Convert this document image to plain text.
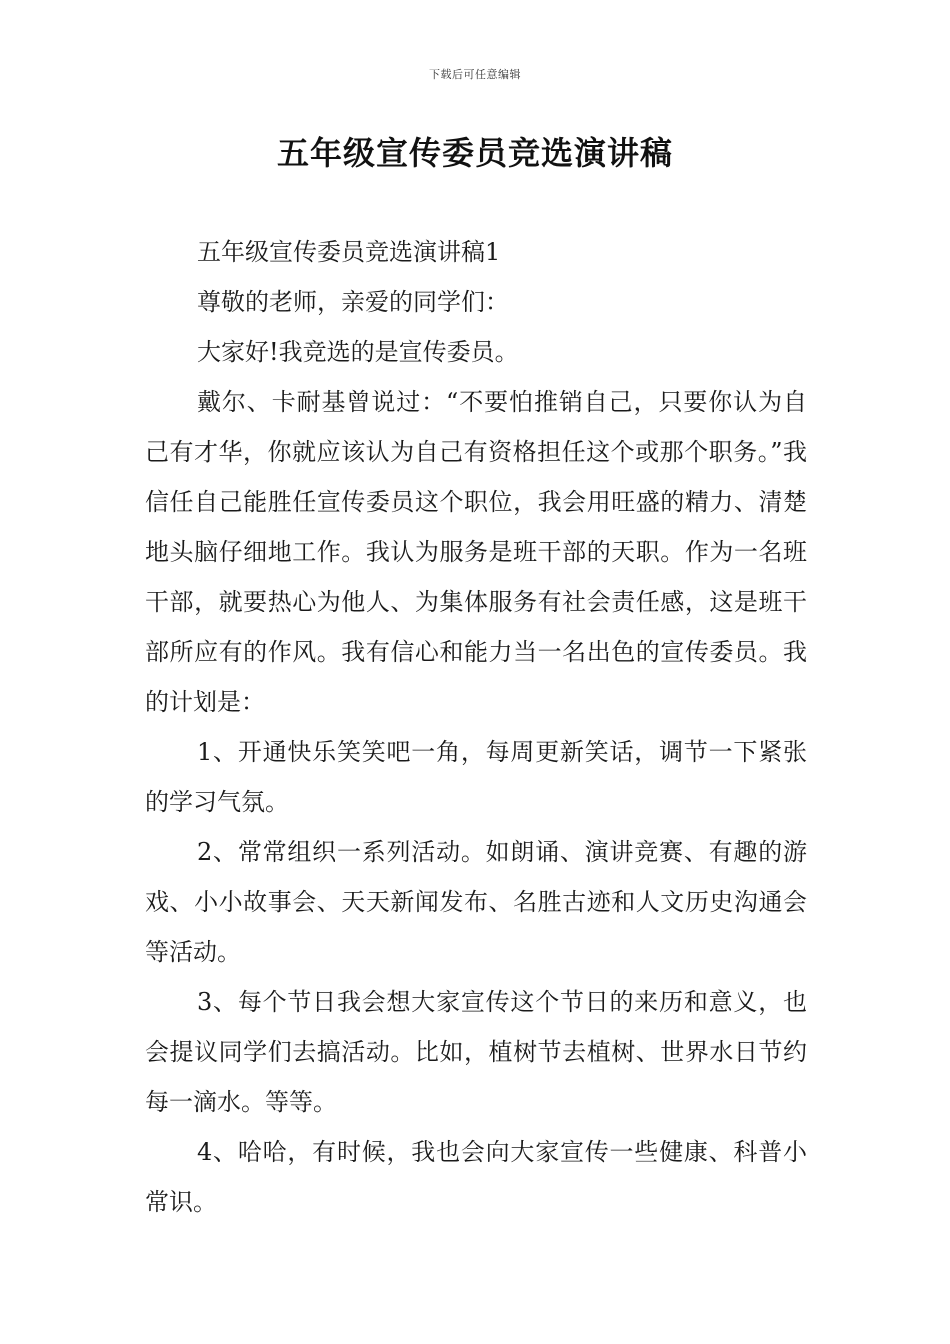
下载后可任意编辑
五年级宣传委员竞选演讲稿

五年级宣传委员竞选演讲稿1

尊敬的老师，亲爱的同学们：

大家好!我竞选的是宣传委员。

戴尔、卡耐基曾说过：“不要怕推销自己，只要你认为自己有才华，你就应该认为自己有资格担任这个或那个职务。”我信任自己能胜任宣传委员这个职位，我会用旺盛的精力、清楚地头脑仔细地工作。我认为服务是班干部的天职。作为一名班干部，就要热心为他人、为集体服务有社会责任感，这是班干部所应有的作风。我有信心和能力当一名出色的宣传委员。我的计划是：

1、开通快乐笑笑吧一角，每周更新笑话，调节一下紧张的学习气氛。

2、常常组织一系列活动。如朗诵、演讲竞赛、有趣的游戏、小小故事会、天天新闻发布、名胜古迹和人文历史沟通会等活动。

3、每个节日我会想大家宣传这个节日的来历和意义，也会提议同学们去搞活动。比如，植树节去植树、世界水日节约每一滴水。等等。

4、哈哈，有时候，我也会向大家宣传一些健康、科普小常识。
